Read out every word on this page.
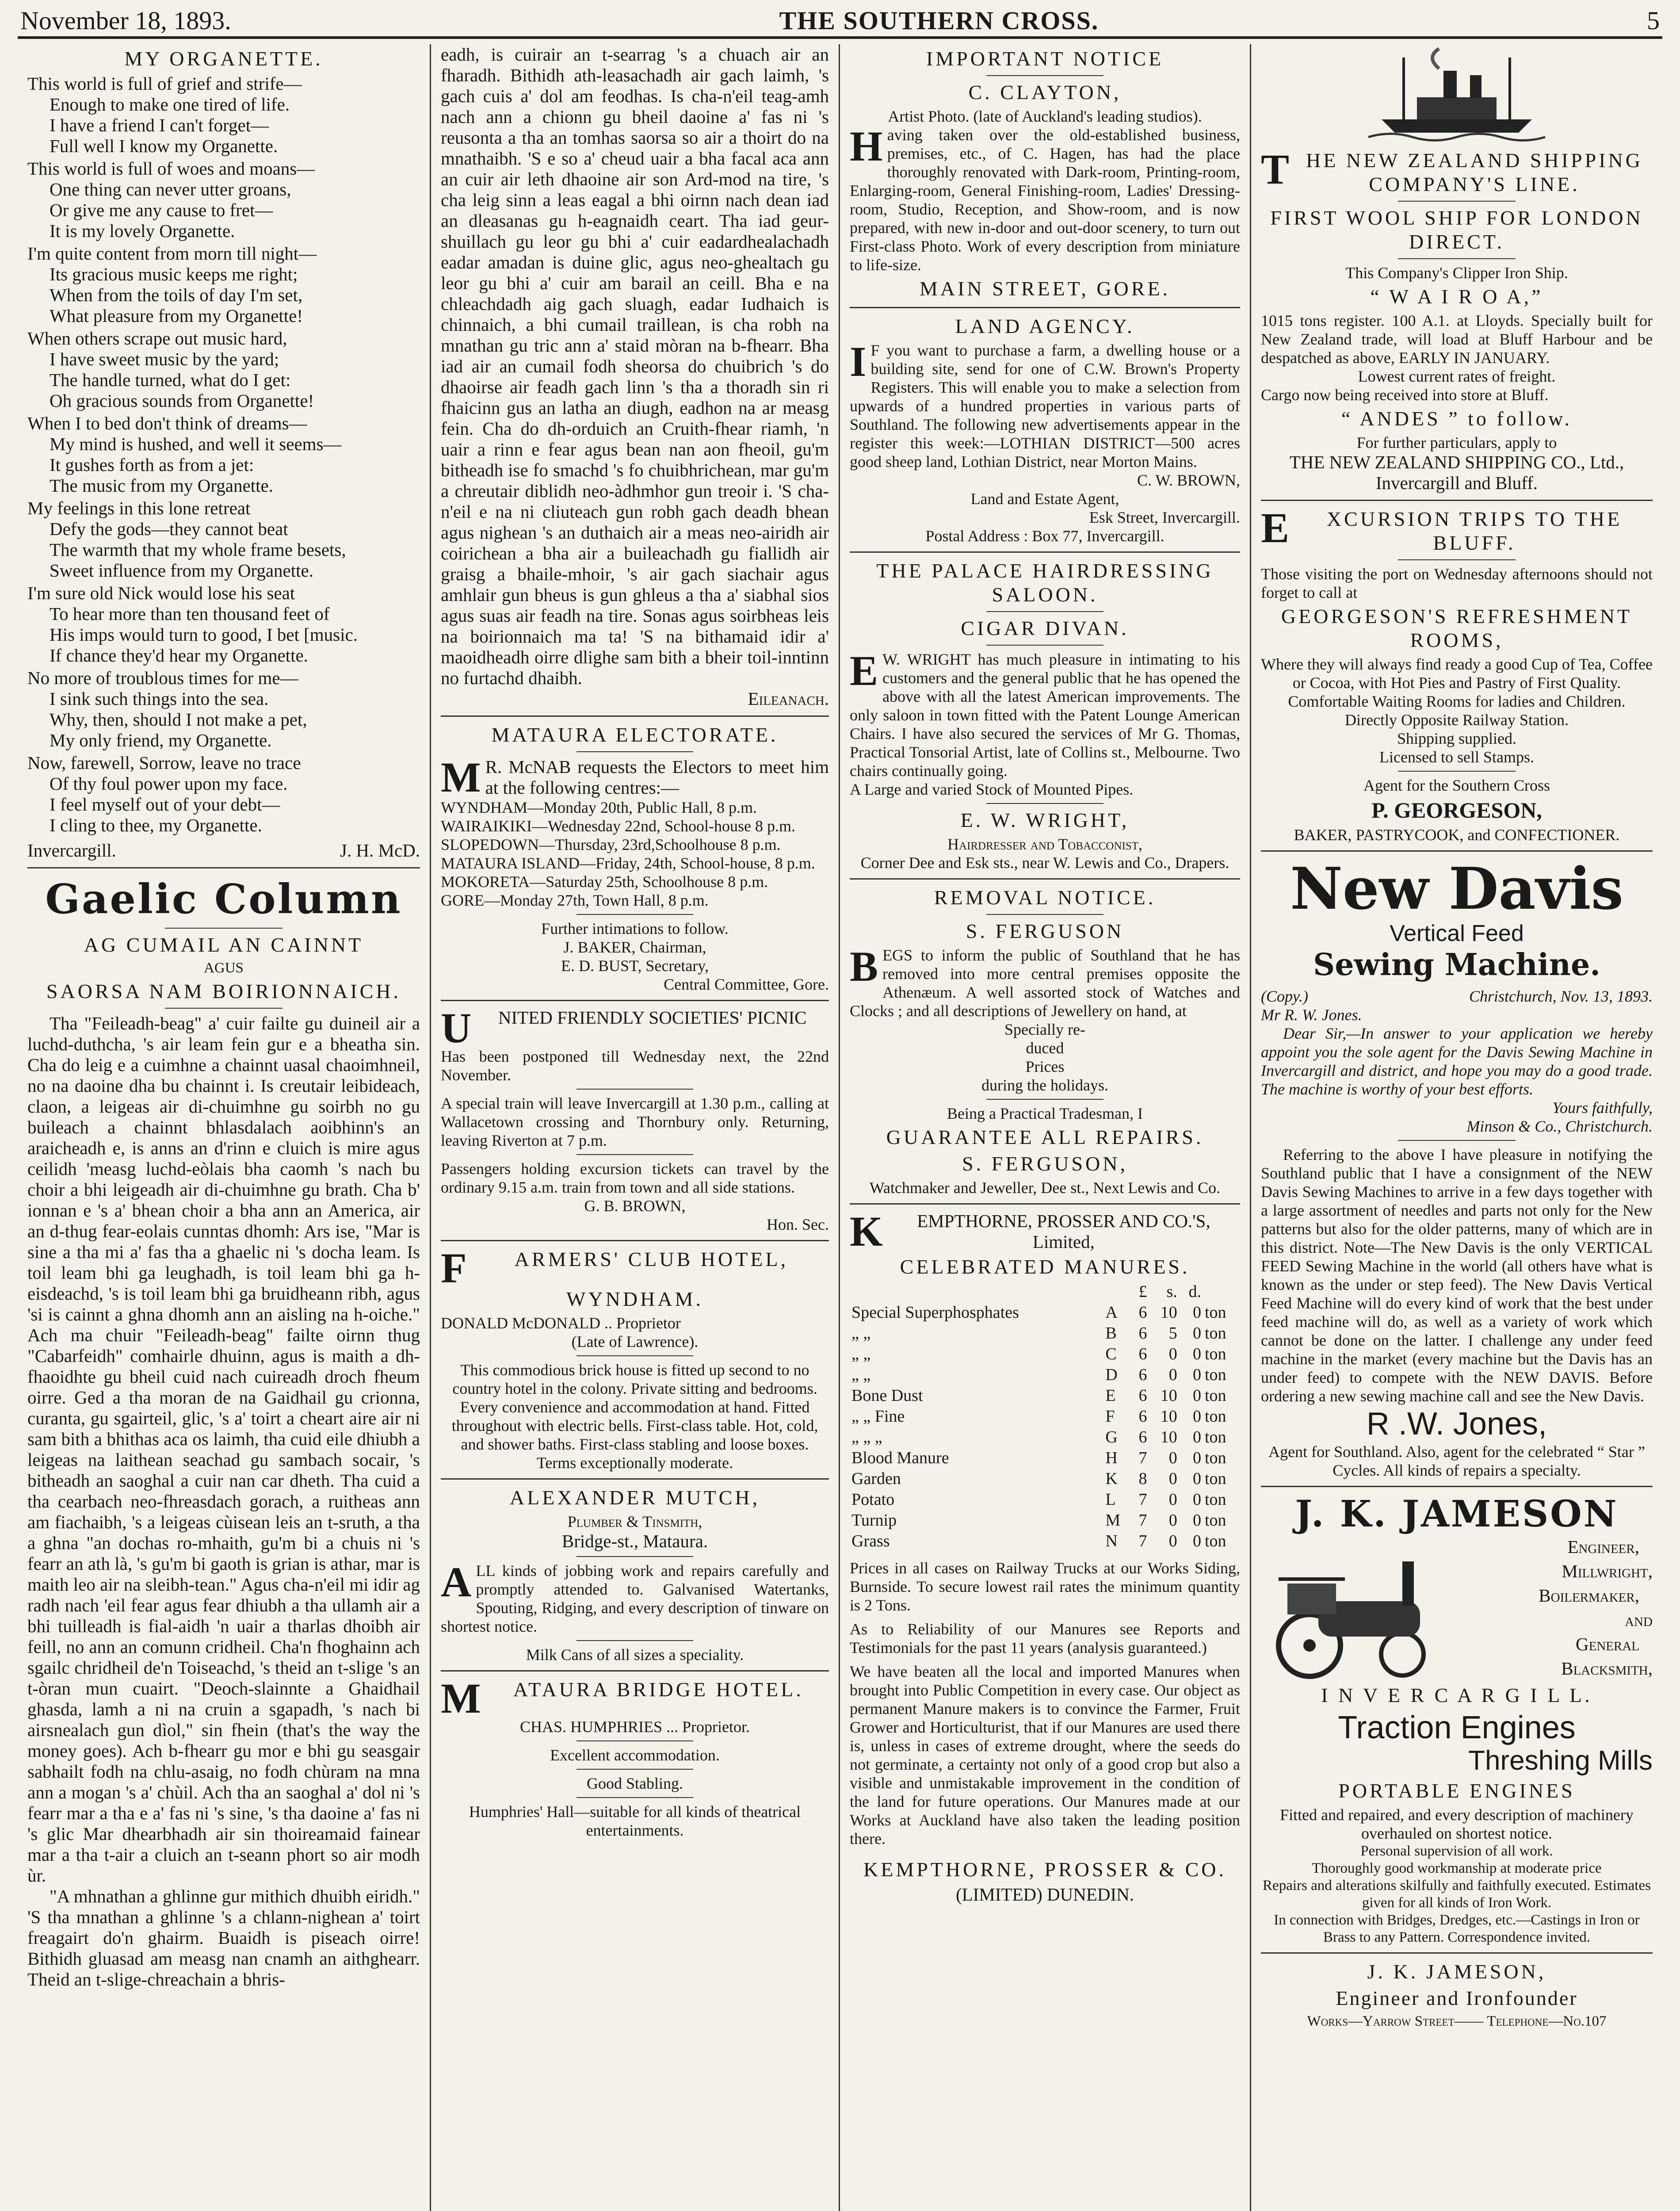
November 18, 1893.	THE SOUTHERN CROSS.	5
MY ORGANETTE.

This world is full of grief and strife—

Enough to make one tired of life.

I have a friend I can't forget—

Full well I know my Organette.

This world is full of woes and moans—

One thing can never utter groans,

Or give me any cause to fret—

It is my lovely Organette.

I'm quite content from morn till night—

Its gracious music keeps me right;

When from the toils of day I'm set,

What pleasure from my Organette!

When others scrape out music hard,

I have sweet music by the yard;

The handle turned, what do I get:

Oh gracious sounds from Organette!

When I to bed don't think of dreams—

My mind is hushed, and well it seems—

It gushes forth as from a jet:

The music from my Organette.

My feelings in this lone retreat

Defy the gods—they cannot beat

The warmth that my whole frame besets,

Sweet influence from my Organette.

I'm sure old Nick would lose his seat

To hear more than ten thousand feet of

His imps would turn to good, I bet [music.

If chance they'd hear my Organette.

No more of troublous times for me—

I sink such things into the sea.

Why, then, should I not make a pet,

My only friend, my Organette.

Now, farewell, Sorrow, leave no trace

Of thy foul power upon my face.

I feel myself out of your debt—

I cling to thee, my Organette.

Invercargill.	J. H. McD.
Gaelic Column
AG CUMAIL AN CAINNT
AGUS
SAORSA NAM BOIRIONNAICH.

Tha "Feileadh-beag" a' cuir failte gu duineil air a luchd-duthcha, 's air leam fein gur e a bheatha sin. Cha do leig e a cuimhne a chainnt uasal chaoimhneil, no na daoine dha bu chainnt i. Is creutair leibideach, claon, a leigeas air di-chuimhne gu soirbh no gu buileach a chainnt bhlasdalach aoibhinn's an araicheadh e, is anns an d'rinn e cluich is mire agus ceilidh 'measg luchd-eòlais bha caomh 's nach bu choir a bhi leigeadh air di-chuimhne gu brath. Cha b' ionnan e 's a' bhean choir a bha ann an America, air an d-thug fear-eolais cunntas dhomh: Ars ise, "Mar is sine a tha mi a' fas tha a ghaelic ni 's docha leam. Is toil leam bhi ga leughadh, is toil leam bhi ga h-eisdeachd, 's is toil leam bhi ga bruidheann ribh, agus 'si is cainnt a ghna dhomh ann an aisling na h-oiche." Ach ma chuir "Feileadh-beag" failte oirnn thug "Cabarfeidh" comhairle dhuinn, agus is maith a dh-fhaoidhte gu bheil cuid nach cuireadh droch fheum oirre. Ged a tha moran de na Gaidhail gu crionna, curanta, gu sgairteil, glic, 's a' toirt a cheart aire air ni sam bith a bhithas aca os laimh, tha cuid eile dhiubh a leigeas na laithean seachad gu sambach socair, 's bitheadh an saoghal a cuir nan car dheth. Tha cuid a tha cearbach neo-fhreasdach gorach, a ruitheas ann am fiachaibh, 's a leigeas cùisean leis an t-sruth, a tha a ghna "an dochas ro-mhaith, gu'm bi a chuis ni 's fearr an ath là, 's gu'm bi gaoth is grian is athar, mar is maith leo air na sleibh-tean." Agus cha-n'eil mi idir ag radh nach 'eil fear agus fear dhiubh a tha ullamh air a bhi tuilleadh is fial-aidh 'n uair a tharlas dhoibh air feill, no ann an comunn cridheil. Cha'n fhoghainn ach sgailc chridheil de'n Toiseachd, 's theid an t-slige 's an t-òran mun cuairt. "Deoch-slainnte a Ghaidhail ghasda, lamh a ni na cruin a sgapadh, 's nach bi airsnealach gun dìol," sin fhein (that's the way the money goes). Ach b-fhearr gu mor e bhi gu seasgair sabhailt fodh na chlu-asaig, no fodh chùram na mna ann a mogan 's a' chùil. Ach tha an saoghal a' dol ni 's fearr mar a tha e a' fas ni 's sine, 's tha daoine a' fas ni 's glic Mar dhearbhadh air sin thoireamaid fainear mar a tha t-air a cluich an t-seann phort so air modh ùr.

"A mhnathan a ghlinne gur mithich dhuibh eiridh." 'S tha mnathan a ghlinne 's a chlann-nighean a' toirt freagairt do'n ghairm. Buaidh is piseach oirre! Bithidh gluasad am measg nan cnamh an aithghearr. Theid an t-slige-chreachain a bhris-

eadh, is cuirair an t-searrag 's a chuach air an fharadh. Bithidh ath-leasachadh air gach laimh, 's gach cuis a' dol am feodhas. Is cha-n'eil teag-amh nach ann a chionn gu bheil daoine a' fas ni 's reusonta a tha an tomhas saorsa so air a thoirt do na mnathaibh. 'S e so a' cheud uair a bha facal aca ann an cuir air leth dhaoine air son Ard-mod na tire, 's cha leig sinn a leas eagal a bhi oirnn nach dean iad an dleasanas gu h-eagnaidh ceart. Tha iad geur-shuillach gu leor gu bhi a' cuir eadardhealachadh eadar amadan is duine glic, agus neo-ghealtach gu leor gu bhi a' cuir am barail an ceill. Bha e na chleachdadh aig gach sluagh, eadar Iudhaich is chinnaich, a bhi cumail traillean, is cha robh na mnathan gu tric ann a' staid mòran na b-fhearr. Bha iad air an cumail fodh sheorsa do chuibrich 's do dhaoirse air feadh gach linn 's tha a thoradh sin ri fhaicinn gus an latha an diugh, eadhon na ar measg fein. Cha do dh-orduich an Cruith-fhear riamh, 'n uair a rinn e fear agus bean nan aon fheoil, gu'm bitheadh ise fo smachd 's fo chuibhrichean, mar gu'm a chreutair diblidh neo-àdhmhor gun treoir i. 'S cha-n'eil e na ni cliuteach gun robh gach deadh bhean agus nighean 's an duthaich air a meas neo-airidh air coirichean a bha air a buileachadh gu fiallidh air graisg a bhaile-mhoir, 's air gach siachair agus amhlair gun bheus is gun ghleus a tha a' siabhal sios agus suas air feadh na tire. Sonas agus soirbheas leis na boirionnaich ma ta! 'S na bithamaid idir a' maoidheadh oirre dlighe sam bith a bheir toil-inntinn no furtachd dhaibh.

Eileanach.
MATAURA ELECTORATE.

M R. McNAB requests the Electors to meet him at the following centres:—

WYNDHAM—Monday 20th, Public Hall, 8 p.m.
WAIRAIKIKI—Wednesday 22nd, School-house 8 p.m.
SLOPEDOWN—Thursday, 23rd,Schoolhouse 8 p.m.
MATAURA ISLAND—Friday, 24th, School-house, 8 p.m.
MOKORETA—Saturday 25th, Schoolhouse 8 p.m.
GORE—Monday 27th, Town Hall, 8 p.m.
Further intimations to follow.
J. BAKER, Chairman,
E. D. BUST, Secretary,
Central Committee, Gore.

U NITED FRIENDLY SOCIETIES' PICNIC

Has been postponed till Wednesday next, the 22nd November.

A special train will leave Invercargill at 1.30 p.m., calling at Wallacetown crossing and Thornbury only. Returning, leaving Riverton at 7 p.m.

Passengers holding excursion tickets can travel by the ordinary 9.15 a.m. train from town and all side stations.

G. B. BROWN,
Hon. Sec.

F ARMERS' CLUB HOTEL,

WYNDHAM.
DONALD McDONALD .. Proprietor
(Late of Lawrence).

This commodious brick house is fitted up second to no country hotel in the colony. Private sitting and bedrooms. Every convenience and accommodation at hand. Fitted throughout with electric bells. First-class table. Hot, cold, and shower baths. First-class stabling and loose boxes. Terms exceptionally moderate.

ALEXANDER MUTCH,
Plumber & Tinsmith,
Bridge-st., Mataura.

ALL kinds of jobbing work and repairs carefully and promptly attended to. Galvanised Watertanks, Spouting, Ridging, and every description of tinware on shortest notice.

Milk Cans of all sizes a speciality.

M ATAURA BRIDGE HOTEL.

CHAS. HUMPHRIES ... Proprietor.
Excellent accommodation.
Good Stabling.
Humphries' Hall—suitable for all kinds of theatrical entertainments.
IMPORTANT NOTICE
C. CLAYTON,
Artist Photo. (late of Auckland's leading studios).

Having taken over the old-established business, premises, etc., of C. Hagen, has had the place thoroughly renovated with Dark-room, Printing-room, Enlarging-room, General Finishing-room, Ladies' Dressing-room, Studio, Reception, and Show-room, and is now prepared, with new in-door and out-door scenery, to turn out First-class Photo. Work of every description from miniature to life-size.

MAIN STREET, GORE.
LAND AGENCY.

I F you want to purchase a farm, a dwelling house or a building site, send for one of C.W. Brown's Property Registers. This will enable you to make a selection from upwards of a hundred properties in various parts of Southland. The following new advertisements appear in the register this week:—LOTHIAN DISTRICT—500 acres good sheep land, Lothian District, near Morton Mains.

C. W. BROWN,
Land and Estate Agent,
Esk Street, Invercargill.
Postal Address : Box 77, Invercargill.
THE PALACE HAIRDRESSING SALOON.
CIGAR DIVAN.

E W. WRIGHT has much pleasure in intimating to his customers and the general public that he has opened the above with all the latest American improvements. The only saloon in town fitted with the Patent Lounge American Chairs. I have also secured the services of Mr G. Thomas, Practical Tonsorial Artist, late of Collins st., Melbourne. Two chairs continually going.

A Large and varied Stock of Mounted Pipes.
E. W. WRIGHT,
Hairdresser and Tobacconist,
Corner Dee and Esk sts., near W. Lewis and Co., Drapers.
REMOVAL NOTICE.
S. FERGUSON

BEGS to inform the public of Southland that he has removed into more central premises opposite the Athenæum. A well assorted stock of Watches and Clocks ; and all descriptions of Jewellery on hand, at

Specially re-
duced
Prices
during the holidays.
Being a Practical Tradesman, I
GUARANTEE ALL REPAIRS.
S. FERGUSON,
Watchmaker and Jeweller, Dee st., Next Lewis and Co.

K EMPTHORNE, PROSSER AND CO.'S, Limited,

CELEBRATED MANURES.
		£	s.	d.	
Special Superphosphates	A	6	10	0	ton
„ „	B	6	5	0	ton
„ „	C	6	0	0	ton
„ „	D	6	0	0	ton
Bone Dust	E	6	10	0	ton
„ „ Fine	F	6	10	0	ton
„ „ „	G	6	10	0	ton
Blood Manure	H	7	0	0	ton
Garden	K	8	0	0	ton
Potato	L	7	0	0	ton
Turnip	M	7	0	0	ton
Grass	N	7	0	0	ton

Prices in all cases on Railway Trucks at our Works Siding, Burnside. To secure lowest rail rates the minimum quantity is 2 Tons.

As to Reliability of our Manures see Reports and Testimonials for the past 11 years (analysis guaranteed.)

We have beaten all the local and imported Manures when brought into Public Competition in every case. Our object as permanent Manure makers is to convince the Farmer, Fruit Grower and Horticulturist, that if our Manures are used there is, unless in cases of extreme drought, where the seeds do not germinate, a certainty not only of a good crop but also a visible and unmistakable improvement in the condition of the land for future operations. Our Manures made at our Works at Auckland have also taken the leading position there.

KEMPTHORNE, PROSSER & CO.
(LIMITED) DUNEDIN.

THE NEW ZEALAND SHIPPING COMPANY'S LINE.

FIRST WOOL SHIP FOR LONDON DIRECT.
This Company's Clipper Iron Ship.
“ W A I R O A,”

1015 tons register. 100 A.1. at Lloyds. Specially built for New Zealand trade, will load at Bluff Harbour and be despatched as above, EARLY IN JANUARY.

Lowest current rates of freight.
Cargo now being received into store at Bluff.
“ ANDES ” to follow.
For further particulars, apply to
THE NEW ZEALAND SHIPPING CO., Ltd., Invercargill and Bluff.

E XCURSION TRIPS TO THE BLUFF.

Those visiting the port on Wednesday afternoons should not forget to call at

GEORGESON'S REFRESHMENT ROOMS,

Where they will always find ready a good Cup of Tea, Coffee or Cocoa, with Hot Pies and Pastry of First Quality.

Comfortable Waiting Rooms for ladies and Children.
Directly Opposite Railway Station.
Shipping supplied.
Licensed to sell Stamps.
Agent for the Southern Cross
P. GEORGESON,
BAKER, PASTRYCOOK, and CONFECTIONER.
New Davis
Vertical Feed
Sewing Machine.
(Copy.)	Christchurch, Nov. 13, 1893.
Mr R. W. Jones.

Dear Sir,—In answer to your application we hereby appoint you the sole agent for the Davis Sewing Machine in Invercargill and district, and hope you may do a good trade. The machine is worthy of your best efforts.

Yours faithfully,
Minson & Co., Christchurch.

Referring to the above I have pleasure in notifying the Southland public that I have a consignment of the NEW Davis Sewing Machines to arrive in a few days together with a large assortment of needles and parts not only for the New patterns but also for the older patterns, many of which are in this district. Note—The New Davis is the only VERTICAL FEED Sewing Machine in the world (all others have what is known as the under or step feed). The New Davis Vertical Feed Machine will do every kind of work that the best under feed machine will do, as well as a variety of work which cannot be done on the latter. I challenge any under feed machine in the market (every machine but the Davis has an under feed) to compete with the NEW DAVIS. Before ordering a new sewing machine call and see the New Davis.

R .W. Jones,
Agent for Southland. Also, agent for the celebrated “ Star ” Cycles. All kinds of repairs a specialty.
J. K. JAMESON
Engineer,
Millwright,
Boilermaker,
and
General
Blacksmith,
I N V E R C A R G I L L.
Traction Engines
Threshing Mills
PORTABLE ENGINES

Fitted and repaired, and every description of machinery overhauled on shortest notice.

Personal supervision of all work.
Thoroughly good workmanship at moderate price

Repairs and alterations skilfully and faithfully executed. Estimates given for all kinds of Iron Work.

In connection with Bridges, Dredges, etc.—Castings in Iron or Brass to any Pattern. Correspondence invited.

J. K. JAMESON,
Engineer and Ironfounder
Works—Yarrow Street—— Telephone—No.107
